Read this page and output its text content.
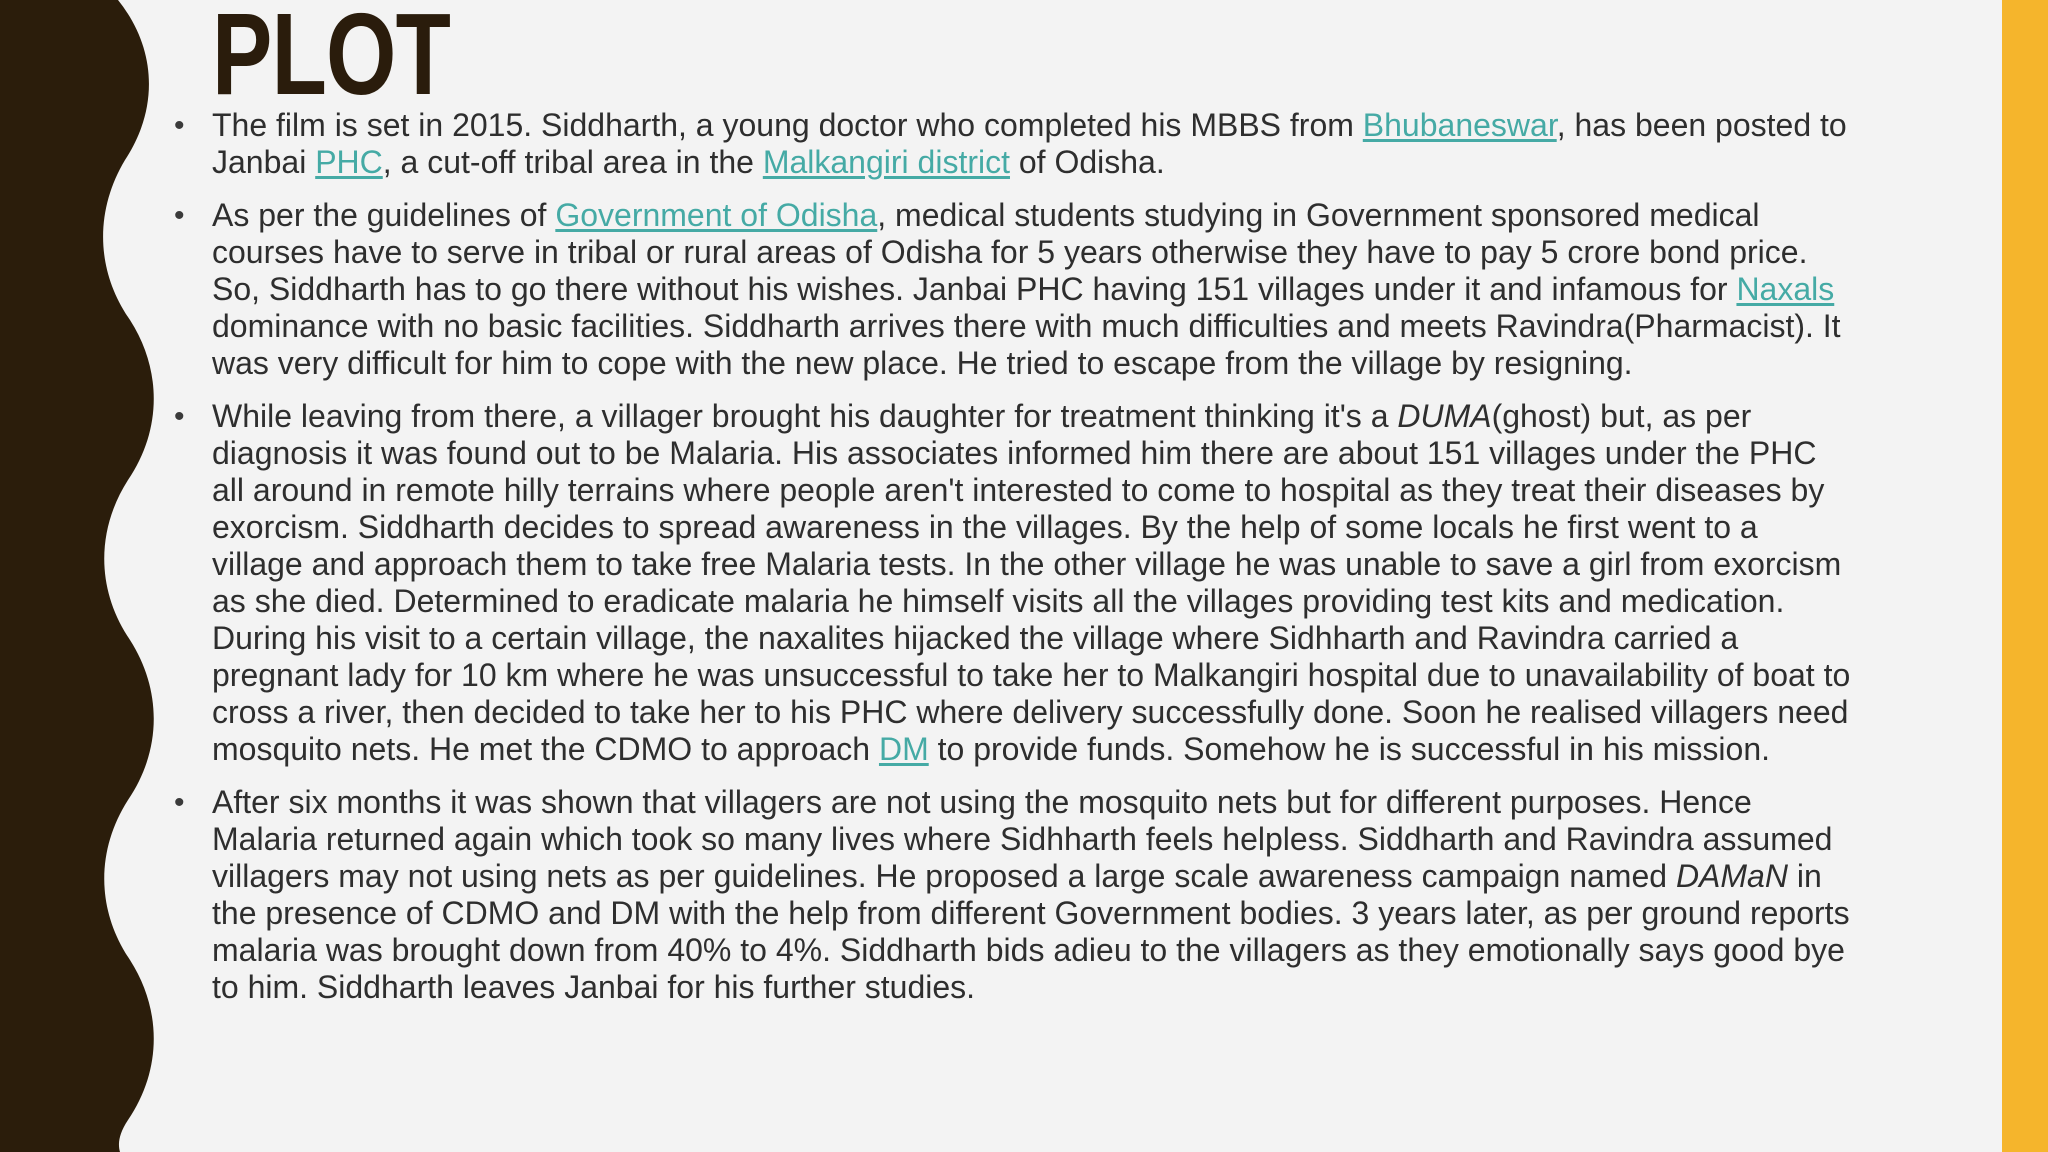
PLOT
• The film is set in 2015. Siddharth, a young doctor who completed his MBBS from Bhubaneswar, has been posted to Janbai PHC, a cut-off tribal area in the Malkangiri district of Odisha.
• As per the guidelines of Government of Odisha, medical students studying in Government sponsored medical courses have to serve in tribal or rural areas of Odisha for 5 years otherwise they have to pay 5 crore bond price. So, Siddharth has to go there without his wishes. Janbai PHC having 151 villages under it and infamous for Naxals dominance with no basic facilities. Siddharth arrives there with much difficulties and meets Ravindra(Pharmacist). It was very difficult for him to cope with the new place. He tried to escape from the village by resigning.
• While leaving from there, a villager brought his daughter for treatment thinking it's a DUMA(ghost) but, as per diagnosis it was found out to be Malaria. His associates informed him there are about 151 villages under the PHC all around in remote hilly terrains where people aren't interested to come to hospital as they treat their diseases by exorcism. Siddharth decides to spread awareness in the villages. By the help of some locals he first went to a village and approach them to take free Malaria tests. In the other village he was unable to save a girl from exorcism as she died. Determined to eradicate malaria he himself visits all the villages providing test kits and medication. During his visit to a certain village, the naxalites hijacked the village where Sidhharth and Ravindra carried a pregnant lady for 10 km where he was unsuccessful to take her to Malkangiri hospital due to unavailability of boat to cross a river, then decided to take her to his PHC where delivery successfully done. Soon he realised villagers need mosquito nets. He met the CDMO to approach DM to provide funds. Somehow he is successful in his mission.
• After six months it was shown that villagers are not using the mosquito nets but for different purposes. Hence Malaria returned again which took so many lives where Sidhharth feels helpless. Siddharth and Ravindra assumed villagers may not using nets as per guidelines. He proposed a large scale awareness campaign named DAMaN in the presence of CDMO and DM with the help from different Government bodies. 3 years later, as per ground reports malaria was brought down from 40% to 4%. Siddharth bids adieu to the villagers as they emotionally says good bye to him. Siddharth leaves Janbai for his further studies.
